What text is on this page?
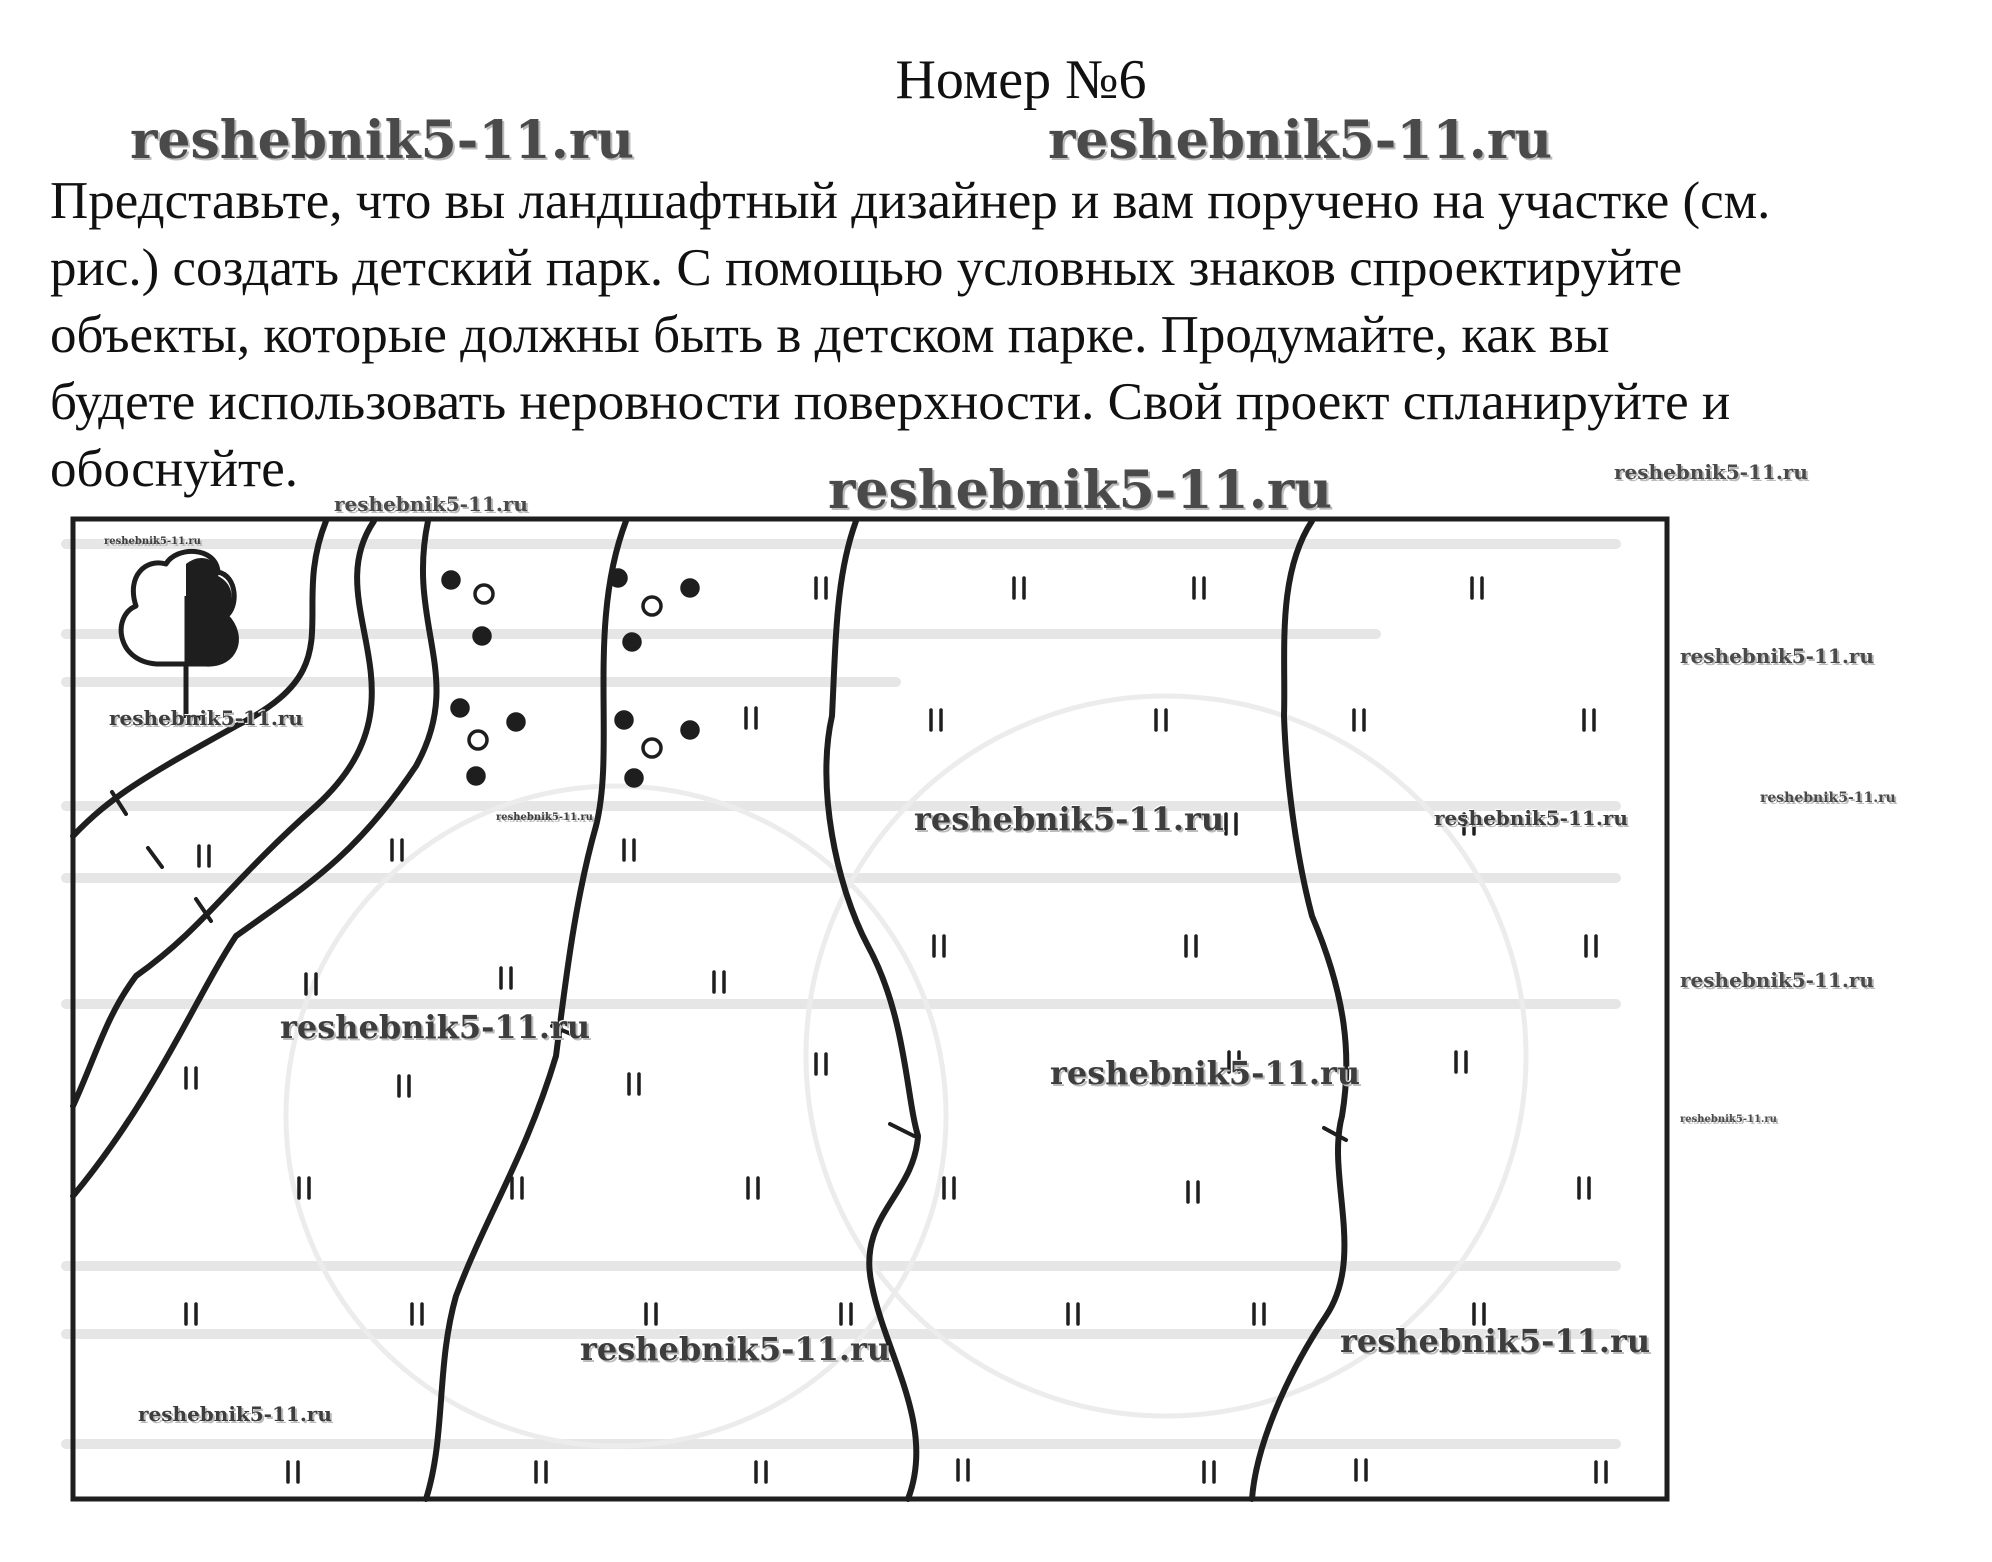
Номер №6
reshebnik5-11.ru	reshebnik5-11.ru

Представьте, что вы ландшафтный дизайнер и вам поручено на участке (см.
рис.) создать детский парк. С помощью условных знаков спроектируйте
объекты, которые должны быть в детском парке. Продумайте, как вы
будете использовать неровности поверхности. Свой проект спланируйте и
обоснуйте.	reshebnik5-11.ru	reshebnik5-11.ru
reshebnik5-11.ru
reshebnik5-11.ru
reshebnik5-11.ru
reshebnik5-11.ru	reshebnik5-11.ru	reshebnik5-11.ru
reshebnik5-11.ru
reshebnik5-11.ru
reshebnik5-11.ru	reshebnik5-11.ru
reshebnik5-11.ru
reshebnik5-11.ru
reshebnik5-11.ru
reshebnik5-11.ru
reshebnik5-11.ru
